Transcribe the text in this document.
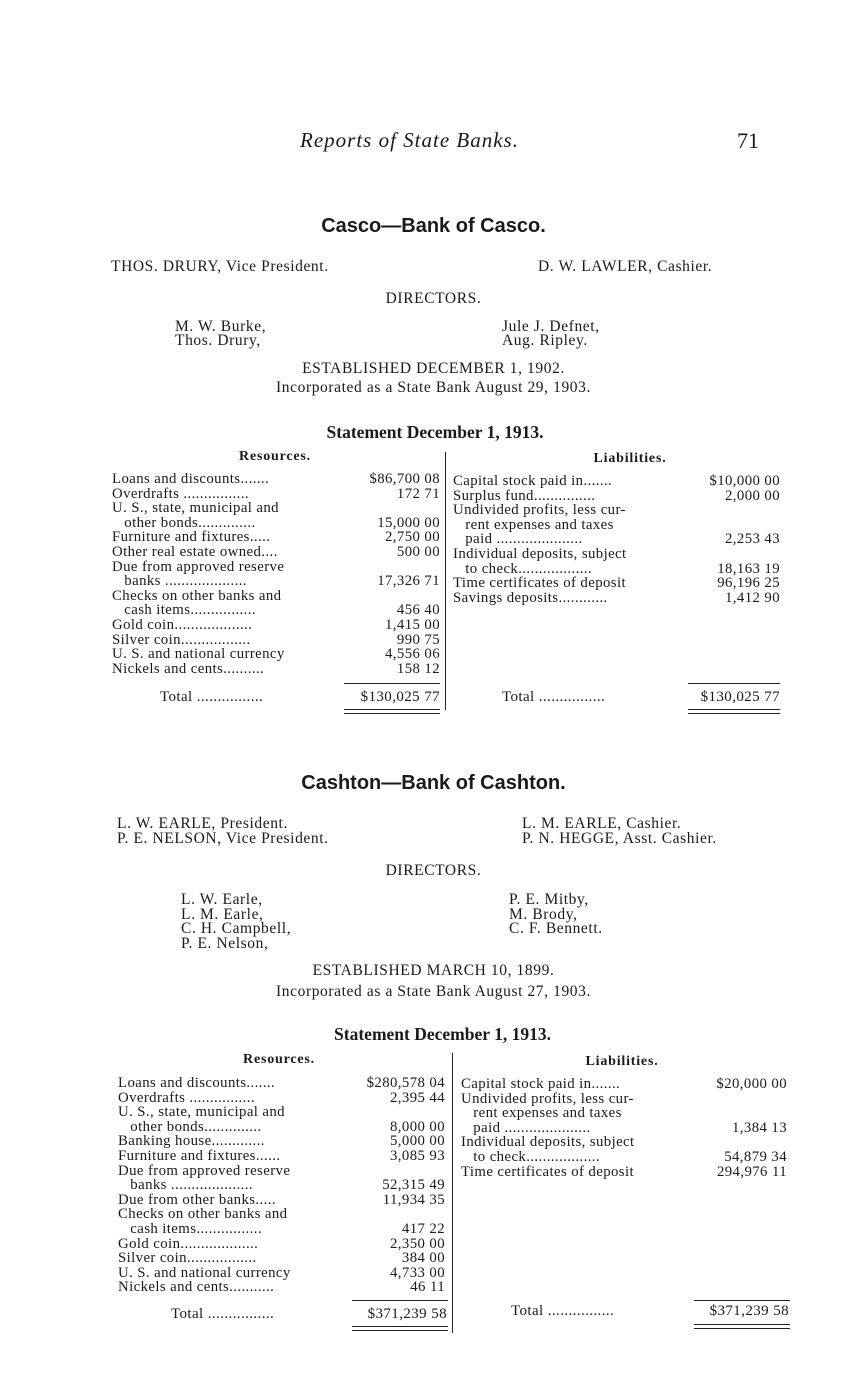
Reports of State Banks.	71
Casco—Bank of Casco.
THOS. DRURY, Vice President.	D. W. LAWLER, Cashier.
DIRECTORS.
M. W. Burke,
Thos. Drury,
Jule J. Defnet,
Aug. Ripley.
ESTABLISHED DECEMBER 1, 1902.
Incorporated as a State Bank August 29, 1903.
Statement December 1, 1913.
Resources.	Liabilities.
Loans and discounts.......	$86,700 08
Overdrafts ................	172 71
U. S., state, municipal and
other bonds..............	15,000 00
Furniture and fixtures.....	2,750 00
Other real estate owned....	500 00
Due from approved reserve
banks ....................	17,326 71
Checks on other banks and
cash items................	456 40
Gold coin...................	1,415 00
Silver coin.................	990 75
U. S. and national currency	4,556 06
Nickels and cents..........	158 12
Capital stock paid in.......	$10,000 00
Surplus fund...............	2,000 00
Undivided profits, less cur-
rent expenses and taxes
paid .....................	2,253 43
Individual deposits, subject
to check..................	18,163 19
Time certificates of deposit	96,196 25
Savings deposits............	1,412 90
Total ................	$130,025 77	Total ................	$130,025 77
Cashton—Bank of Cashton.
L. W. EARLE, President.
P. E. NELSON, Vice President.
L. M. EARLE, Cashier.
P. N. HEGGE, Asst. Cashier.
DIRECTORS.
L. W. Earle,
L. M. Earle,
C. H. Campbell,
P. E. Nelson,
P. E. Mitby,
M. Brody,
C. F. Bennett.
ESTABLISHED MARCH 10, 1899.
Incorporated as a State Bank August 27, 1903.
Statement December 1, 1913.
Resources.	Liabilities.
Loans and discounts.......	$280,578 04
Overdrafts ................	2,395 44
U. S., state, municipal and
other bonds..............	8,000 00
Banking house.............	5,000 00
Furniture and fixtures......	3,085 93
Due from approved reserve
banks ....................	52,315 49
Due from other banks.....	11,934 35
Checks on other banks and
cash items................	417 22
Gold coin...................	2,350 00
Silver coin.................	384 00
U. S. and national currency	4,733 00
Nickels and cents...........	46 11
Capital stock paid in.......	$20,000 00
Undivided profits, less cur-
rent expenses and taxes
paid .....................	1,384 13
Individual deposits, subject
to check..................	54,879 34
Time certificates of deposit	294,976 11
Total ................	$371,239 58	Total ................	$371,239 58
